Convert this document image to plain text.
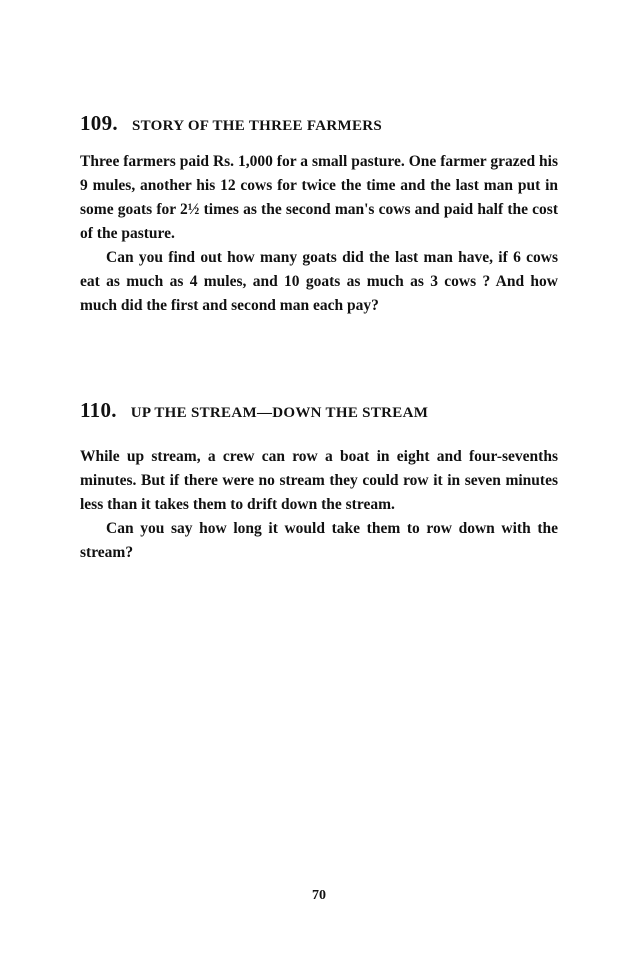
109. STORY OF THE THREE FARMERS

Three farmers paid Rs. 1,000 for a small pasture. One farmer grazed his 9 mules, another his 12 cows for twice the time and the last man put in some goats for 2½ times as the second man's cows and paid half the cost of the pasture.

Can you find out how many goats did the last man have, if 6 cows eat as much as 4 mules, and 10 goats as much as 3 cows ? And how much did the first and second man each pay?

110. UP THE STREAM—DOWN THE STREAM

While up stream, a crew can row a boat in eight and four-sevenths minutes. But if there were no stream they could row it in seven minutes less than it takes them to drift down the stream.

Can you say how long it would take them to row down with the stream?

70
